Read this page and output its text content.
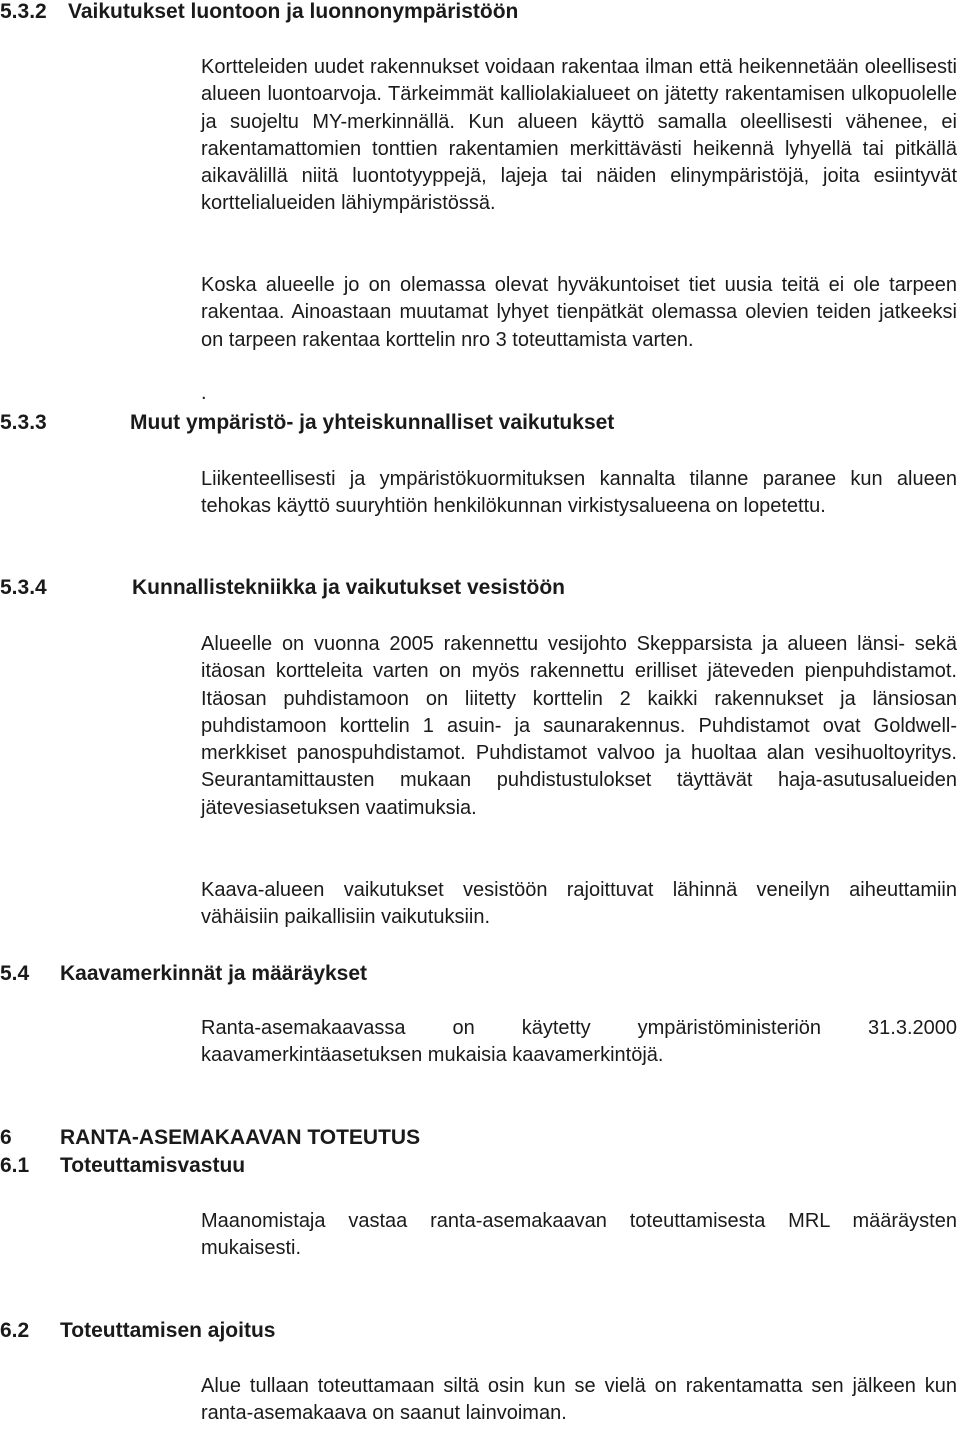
5.3.2 Vaikutukset luontoon ja luonnonympäristöön

Kortteleiden uudet rakennukset voidaan rakentaa ilman että heikennetään oleellisesti alueen luontoarvoja. Tärkeimmät kalliolakialueet on jätetty rakentamisen ulkopuolelle ja suojeltu MY-merkinnällä. Kun alueen käyttö samalla oleellisesti vähenee, ei rakentamattomien tonttien rakentamien merkittävästi heikennä lyhyellä tai pitkällä aikavälillä niitä luontotyyppejä, lajeja tai näiden elinympäristöjä, joita esiintyvät korttelialueiden lähiympäristössä.

Koska alueelle jo on olemassa olevat hyväkuntoiset tiet uusia teitä ei ole tarpeen rakentaa. Ainoastaan muutamat lyhyet tienpätkät olemassa olevien teiden jatkeeksi on tarpeen rakentaa korttelin nro 3 toteuttamista varten.

.
5.3.3	Muut ympäristö- ja yhteiskunnalliset vaikutukset

Liikenteellisesti ja ympäristökuormituksen kannalta tilanne paranee kun alueen tehokas käyttö suuryhtiön henkilökunnan virkistysalueena on lopetettu.

5.3.4	Kunnallistekniikka ja vaikutukset vesistöön

Alueelle on vuonna 2005 rakennettu vesijohto Skepparsista ja alueen länsi- sekä itäosan kortteleita varten on myös rakennettu erilliset jäteveden pienpuhdistamot. Itäosan puhdistamoon on liitetty korttelin 2 kaikki rakennukset ja länsiosan puhdistamoon korttelin 1 asuin- ja saunarakennus. Puhdistamot ovat Goldwell-merkkiset panospuhdistamot. Puhdistamot valvoo ja huoltaa alan vesihuoltoyritys. Seurantamittausten mukaan puhdistustulokset täyttävät haja-asutusalueiden jätevesiasetuksen vaatimuksia.

Kaava-alueen vaikutukset vesistöön rajoittuvat lähinnä veneilyn aiheuttamiin vähäisiin paikallisiin vaikutuksiin.

5.4 Kaavamerkinnät ja määräykset

Ranta-asemakaavassa on käytetty ympäristöministeriön 31.3.2000 kaavamerkintäasetuksen mukaisia kaavamerkintöjä.

6 RANTA-ASEMAKAAVAN TOTEUTUS
6.1 Toteuttamisvastuu

Maanomistaja vastaa ranta-asemakaavan toteuttamisesta MRL määräysten mukaisesti.

6.2 Toteuttamisen ajoitus

Alue tullaan toteuttamaan siltä osin kun se vielä on rakentamatta sen jälkeen kun ranta-asemakaava on saanut lainvoiman.
